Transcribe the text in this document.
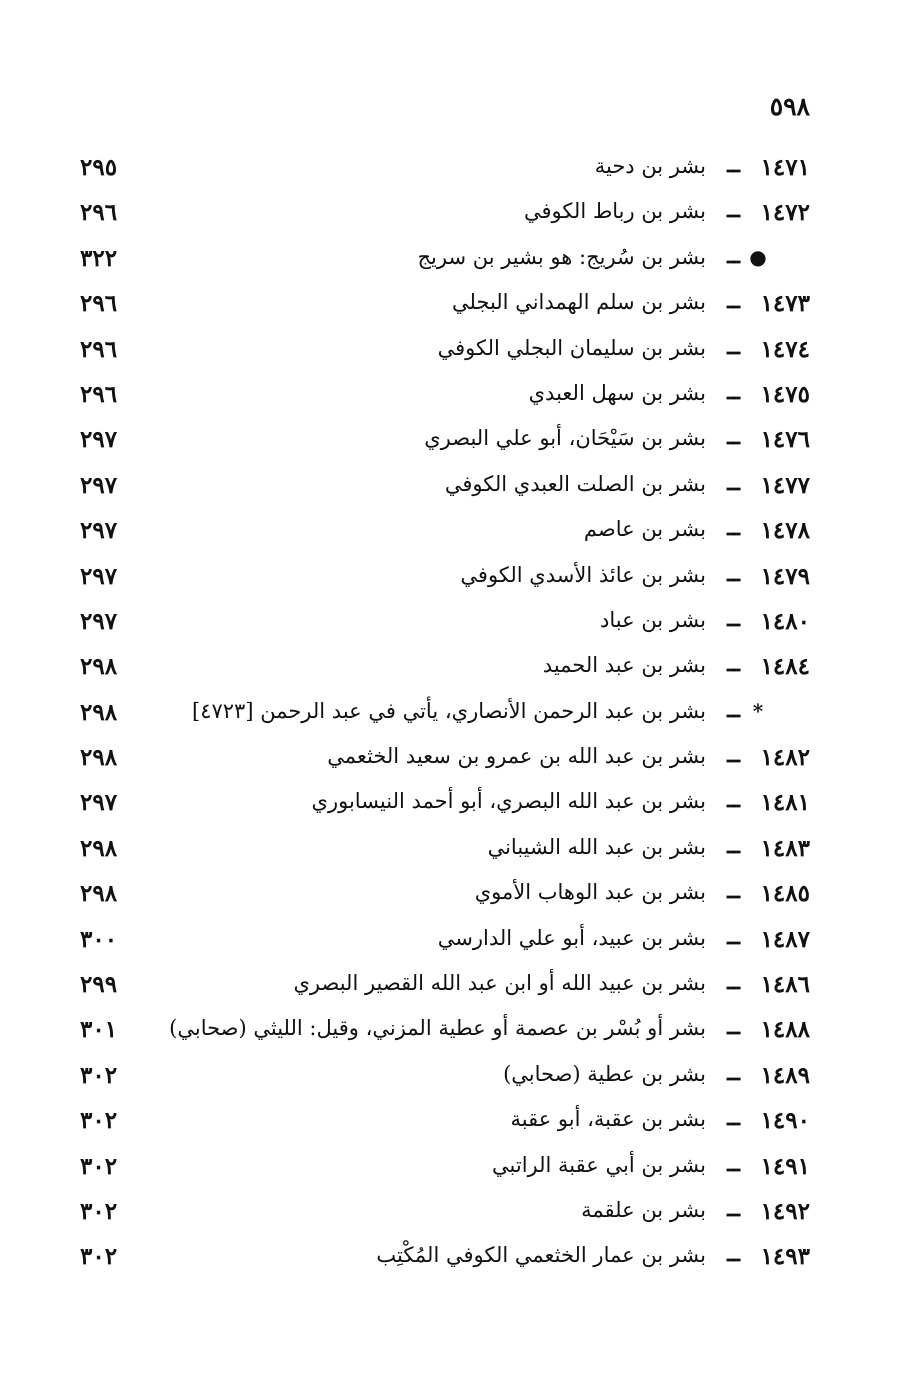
٥٩٨
١٤٧١
ــ
بشر بن دحية
٢٩٥
١٤٧٢
ــ
بشر بن رباط الكوفي
٢٩٦
●
ــ
بشر بن سُريج: هو بشير بن سريج
٣٢٢
١٤٧٣
ــ
بشر بن سلم الهمداني البجلي
٢٩٦
١٤٧٤
ــ
بشر بن سليمان البجلي الكوفي
٢٩٦
١٤٧٥
ــ
بشر بن سهل العبدي
٢٩٦
١٤٧٦
ــ
بشر بن سَيْحَان، أبو علي البصري
٢٩٧
١٤٧٧
ــ
بشر بن الصلت العبدي الكوفي
٢٩٧
١٤٧٨
ــ
بشر بن عاصم
٢٩٧
١٤٧٩
ــ
بشر بن عائذ الأسدي الكوفي
٢٩٧
١٤٨٠
ــ
بشر بن عباد
٢٩٧
١٤٨٤
ــ
بشر بن عبد الحميد
٢٩٨
*
ــ
بشر بن عبد الرحمن الأنصاري، يأتي في عبد الرحمن [٤٧٢٣]
٢٩٨
١٤٨٢
ــ
بشر بن عبد الله بن عمرو بن سعيد الخثعمي
٢٩٨
١٤٨١
ــ
بشر بن عبد الله البصري، أبو أحمد النيسابوري
٢٩٧
١٤٨٣
ــ
بشر بن عبد الله الشيباني
٢٩٨
١٤٨٥
ــ
بشر بن عبد الوهاب الأموي
٢٩٨
١٤٨٧
ــ
بشر بن عبيد، أبو علي الدارسي
٣٠٠
١٤٨٦
ــ
بشر بن عبيد الله أو ابن عبد الله القصير البصري
٢٩٩
١٤٨٨
ــ
بشر أو بُسْر بن عصمة أو عطية المزني، وقيل: الليثي (صحابي)
٣٠١
١٤٨٩
ــ
بشر بن عطية (صحابي)
٣٠٢
١٤٩٠
ــ
بشر بن عقبة، أبو عقبة
٣٠٢
١٤٩١
ــ
بشر بن أبي عقبة الراتبي
٣٠٢
١٤٩٢
ــ
بشر بن علقمة
٣٠٢
١٤٩٣
ــ
بشر بن عمار الخثعمي الكوفي المُكْتِب
٣٠٢
